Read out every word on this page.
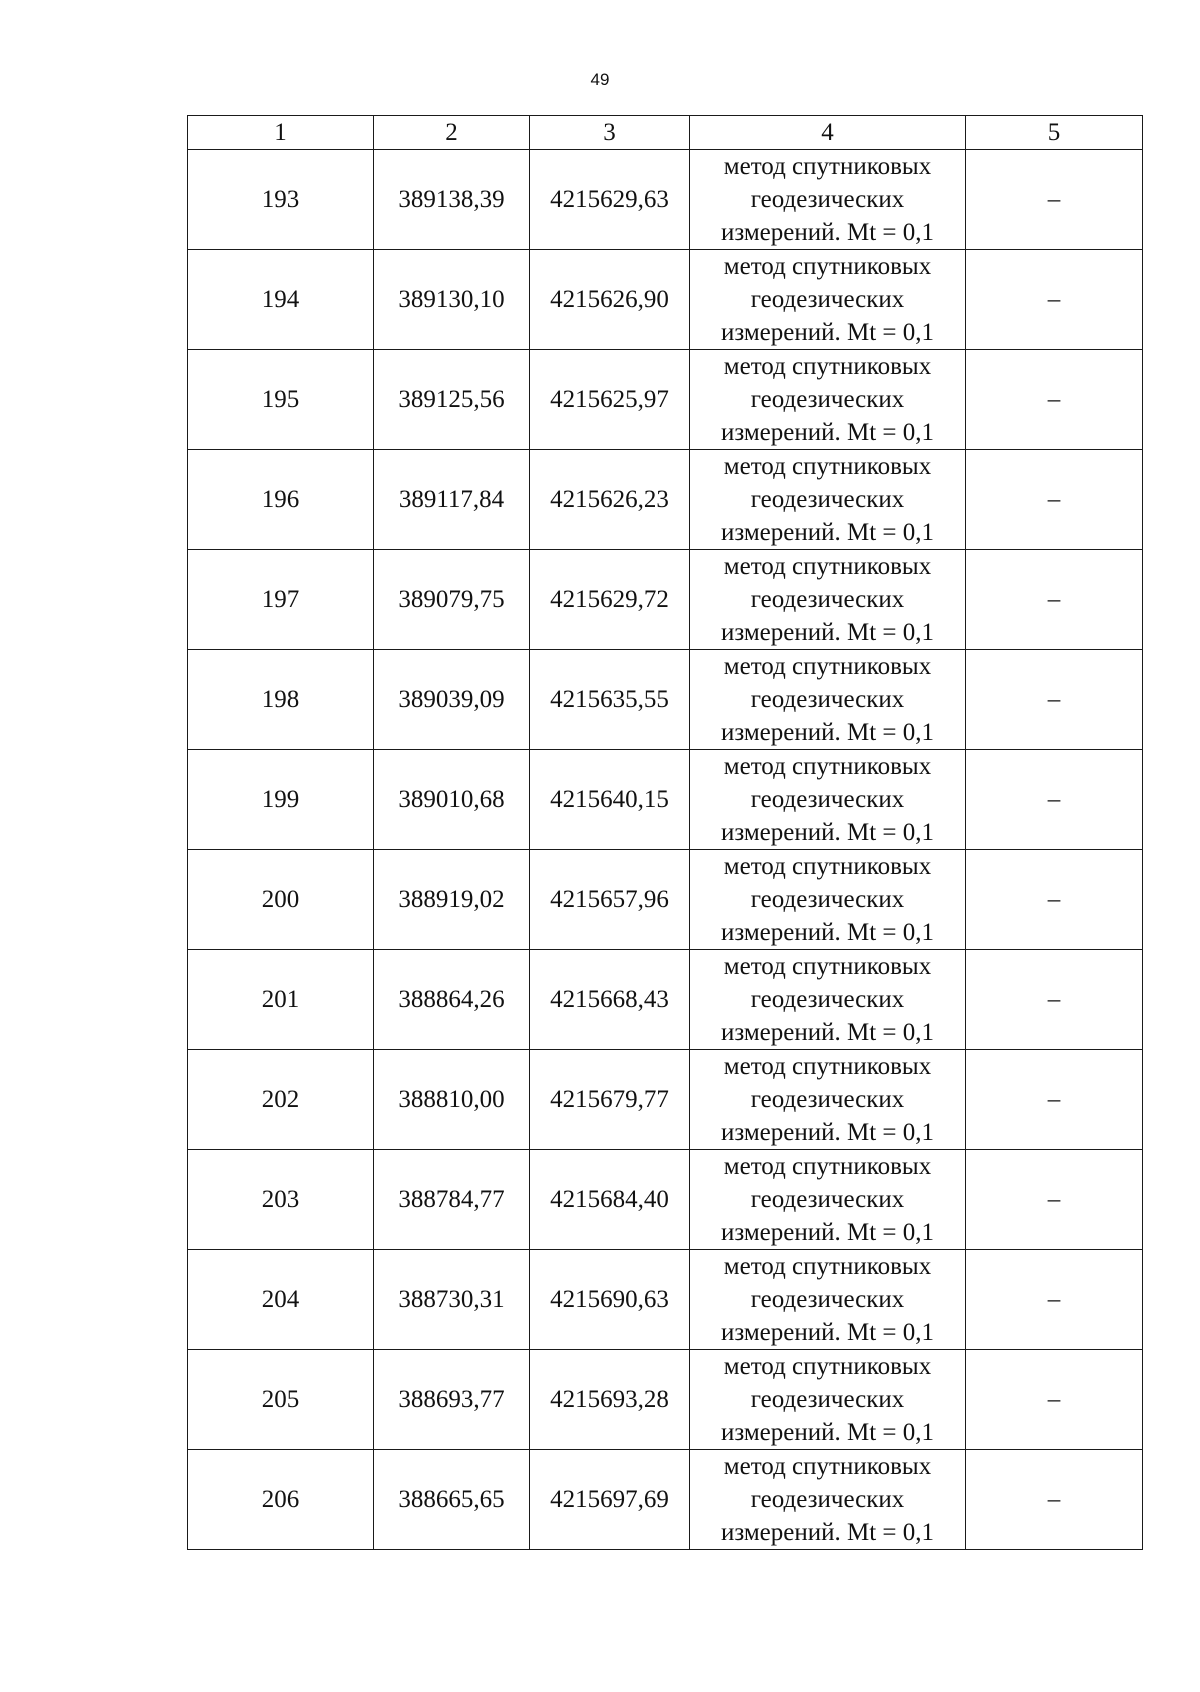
49
1	2	3	4	5
193	389138,39	4215629,63	метод спутниковых
геодезических
измерений. Mt = 0,1	–
194	389130,10	4215626,90	метод спутниковых
геодезических
измерений. Mt = 0,1	–
195	389125,56	4215625,97	метод спутниковых
геодезических
измерений. Mt = 0,1	–
196	389117,84	4215626,23	метод спутниковых
геодезических
измерений. Mt = 0,1	–
197	389079,75	4215629,72	метод спутниковых
геодезических
измерений. Mt = 0,1	–
198	389039,09	4215635,55	метод спутниковых
геодезических
измерений. Mt = 0,1	–
199	389010,68	4215640,15	метод спутниковых
геодезических
измерений. Mt = 0,1	–
200	388919,02	4215657,96	метод спутниковых
геодезических
измерений. Mt = 0,1	–
201	388864,26	4215668,43	метод спутниковых
геодезических
измерений. Mt = 0,1	–
202	388810,00	4215679,77	метод спутниковых
геодезических
измерений. Mt = 0,1	–
203	388784,77	4215684,40	метод спутниковых
геодезических
измерений. Mt = 0,1	–
204	388730,31	4215690,63	метод спутниковых
геодезических
измерений. Mt = 0,1	–
205	388693,77	4215693,28	метод спутниковых
геодезических
измерений. Mt = 0,1	–
206	388665,65	4215697,69	метод спутниковых
геодезических
измерений. Mt = 0,1	–
